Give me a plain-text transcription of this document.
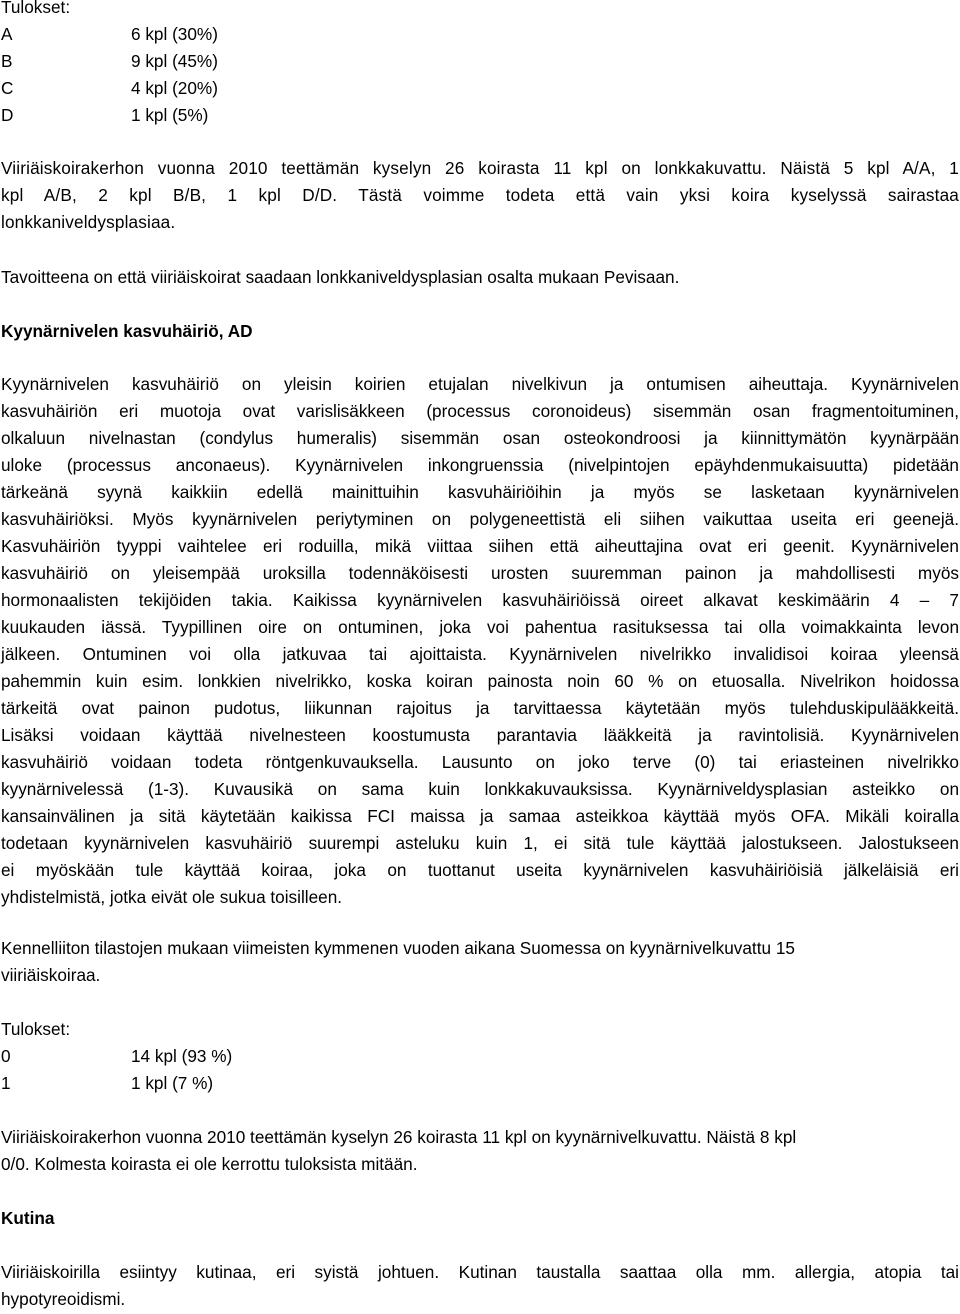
Tulokset:
A	6 kpl (30%)
B	9 kpl (45%)
C	4 kpl (20%)
D	1 kpl (5%)
Viiriäiskoirakerhon vuonna 2010 teettämän kyselyn 26 koirasta 11 kpl on lonkkakuvattu. Näistä 5 kpl A/A, 1
kpl A/B, 2 kpl B/B, 1 kpl D/D. Tästä voimme todeta että vain yksi koira kyselyssä sairastaa
lonkkaniveldysplasiaa.
Tavoitteena on että viiriäiskoirat saadaan lonkkaniveldysplasian osalta mukaan Pevisaan.
Kyynärnivelen kasvuhäiriö, AD
Kyynärnivelen kasvuhäiriö on yleisin koirien etujalan nivelkivun ja ontumisen aiheuttaja. Kyynärnivelen
kasvuhäiriön eri muotoja ovat varislisäkkeen (processus coronoideus) sisemmän osan fragmentoituminen,
olkaluun nivelnastan (condylus humeralis) sisemmän osan osteokondroosi ja kiinnittymätön kyynärpään
uloke (processus anconaeus). Kyynärnivelen inkongruenssia (nivelpintojen epäyhdenmukaisuutta) pidetään
tärkeänä syynä kaikkiin edellä mainittuihin kasvuhäiriöihin ja myös se lasketaan kyynärnivelen
kasvuhäiriöksi. Myös kyynärnivelen periytyminen on polygeneettistä eli siihen vaikuttaa useita eri geenejä.
Kasvuhäiriön tyyppi vaihtelee eri roduilla, mikä viittaa siihen että aiheuttajina ovat eri geenit. Kyynärnivelen
kasvuhäiriö on yleisempää uroksilla todennäköisesti urosten suuremman painon ja mahdollisesti myös
hormonaalisten tekijöiden takia. Kaikissa kyynärnivelen kasvuhäiriöissä oireet alkavat keskimäärin 4 – 7
kuukauden iässä. Tyypillinen oire on ontuminen, joka voi pahentua rasituksessa tai olla voimakkainta levon
jälkeen. Ontuminen voi olla jatkuvaa tai ajoittaista. Kyynärnivelen nivelrikko invalidisoi koiraa yleensä
pahemmin kuin esim. lonkkien nivelrikko, koska koiran painosta noin 60 % on etuosalla. Nivelrikon hoidossa
tärkeitä ovat painon pudotus, liikunnan rajoitus ja tarvittaessa käytetään myös tulehduskipulääkkeitä.
Lisäksi voidaan käyttää nivelnesteen koostumusta parantavia lääkkeitä ja ravintolisiä. Kyynärnivelen
kasvuhäiriö voidaan todeta röntgenkuvauksella. Lausunto on joko terve (0) tai eriasteinen nivelrikko
kyynärnivelessä (1-3). Kuvausikä on sama kuin lonkkakuvauksissa. Kyynärniveldysplasian asteikko on
kansainvälinen ja sitä käytetään kaikissa FCI maissa ja samaa asteikkoa käyttää myös OFA. Mikäli koiralla
todetaan kyynärnivelen kasvuhäiriö suurempi asteluku kuin 1, ei sitä tule käyttää jalostukseen. Jalostukseen
ei myöskään tule käyttää koiraa, joka on tuottanut useita kyynärnivelen kasvuhäiriöisiä jälkeläisiä eri
yhdistelmistä, jotka eivät ole sukua toisilleen.
Kennelliiton tilastojen mukaan viimeisten kymmenen vuoden aikana Suomessa on kyynärnivelkuvattu 15
viiriäiskoiraa.
Tulokset:
0	14 kpl (93 %)
1	1 kpl (7 %)
Viiriäiskoirakerhon vuonna 2010 teettämän kyselyn 26 koirasta 11 kpl on kyynärnivelkuvattu. Näistä 8 kpl
0/0. Kolmesta koirasta ei ole kerrottu tuloksista mitään.
Kutina
Viiriäiskoirilla esiintyy kutinaa, eri syistä johtuen. Kutinan taustalla saattaa olla mm. allergia, atopia tai
hypotyreoidismi.
